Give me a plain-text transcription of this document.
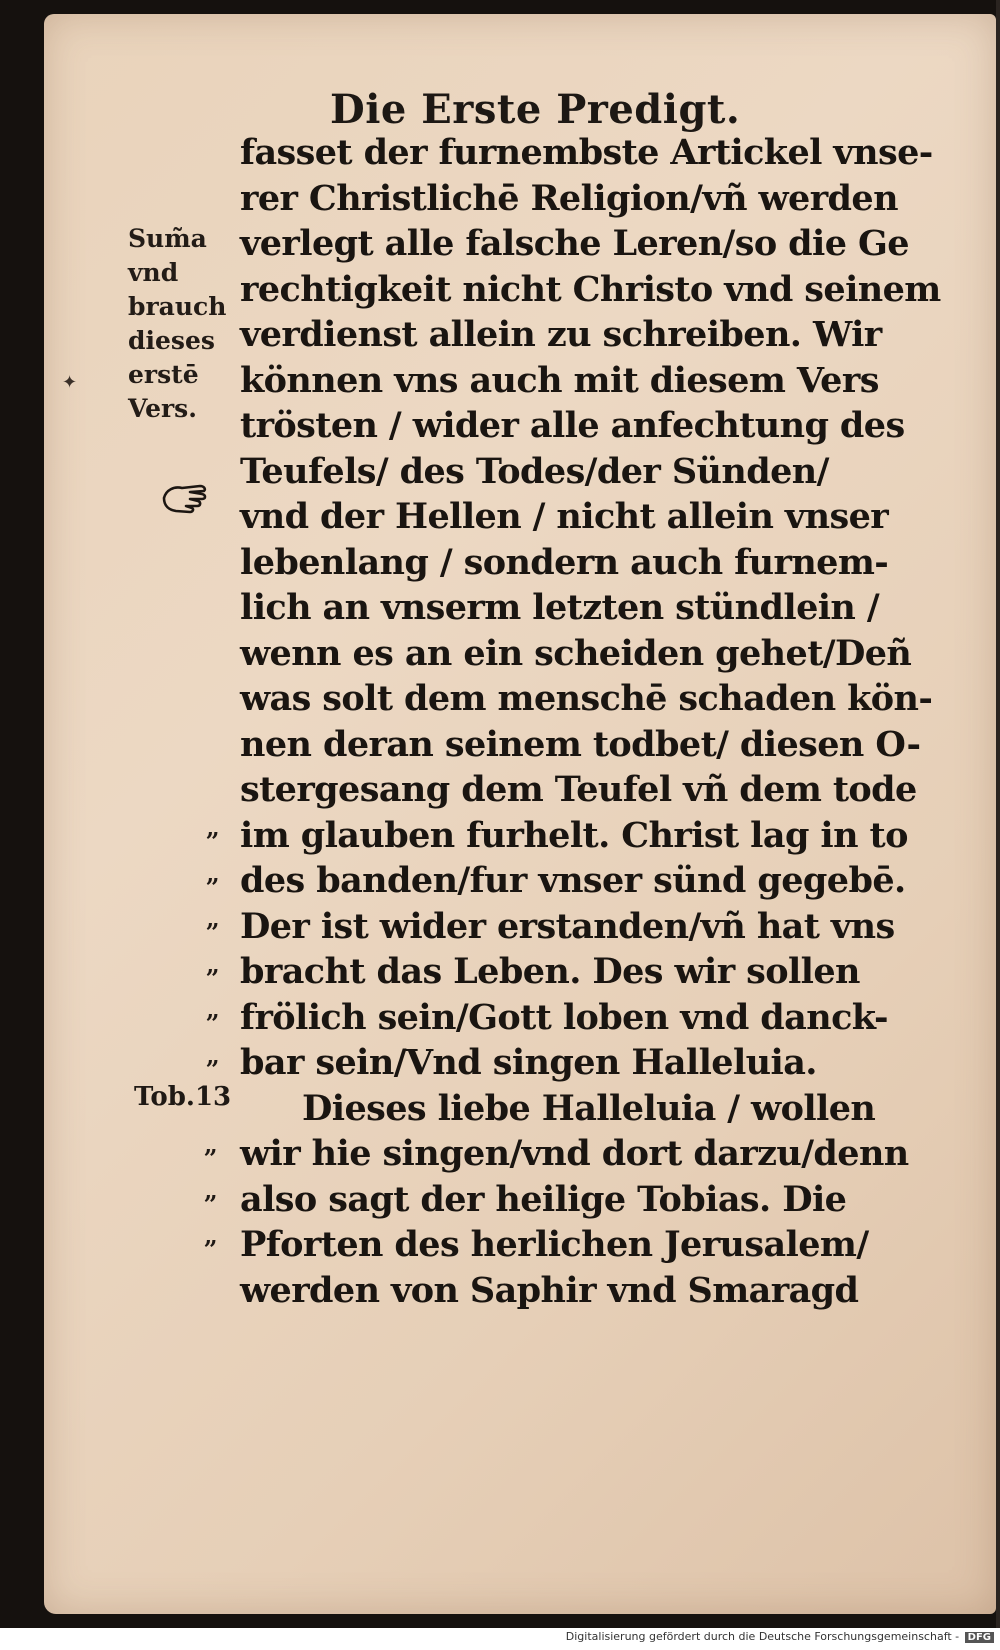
Die Erste Predigt.
fasset der furnembste Artickel vnse-
rer Christlichē Religion/vñ werden
verlegt alle falsche Leren/so die Ge
rechtigkeit nicht Christo vnd seinem
verdienst allein zu schreiben. Wir
können vns auch mit diesem Vers
trösten / wider alle anfechtung des
Teufels/ des Todes/der Sünden/
vnd der Hellen / nicht allein vnser
lebenlang / sondern auch furnem-
lich an vnserm letzten stündlein /
wenn es an ein scheiden gehet/Deñ
was solt dem menschē schaden kön-
nen deran seinem todbet/ diesen O-
stergesang dem Teufel vñ dem tode
im glauben furhelt. Christ lag in to
des banden/fur vnser sünd gegebē.
Der ist wider erstanden/vñ hat vns
bracht das Leben. Des wir sollen
frölich sein/Gott loben vnd danck-
bar sein/Vnd singen Halleluia.
Dieses liebe Halleluia / wollen
wir hie singen/vnd dort darzu/denn
also sagt der heilige Tobias. Die
Pforten des herlichen Jerusalem/
werden von Saphir vnd Smaragd
Sum̃a
vnd
brauch
dieses
erstē
Vers.
Tob.13
✦
„
„
„
„
„
„
„
„
„
Digitalisierung gefördert durch die Deutsche Forschungsgemeinschaft - DFG
